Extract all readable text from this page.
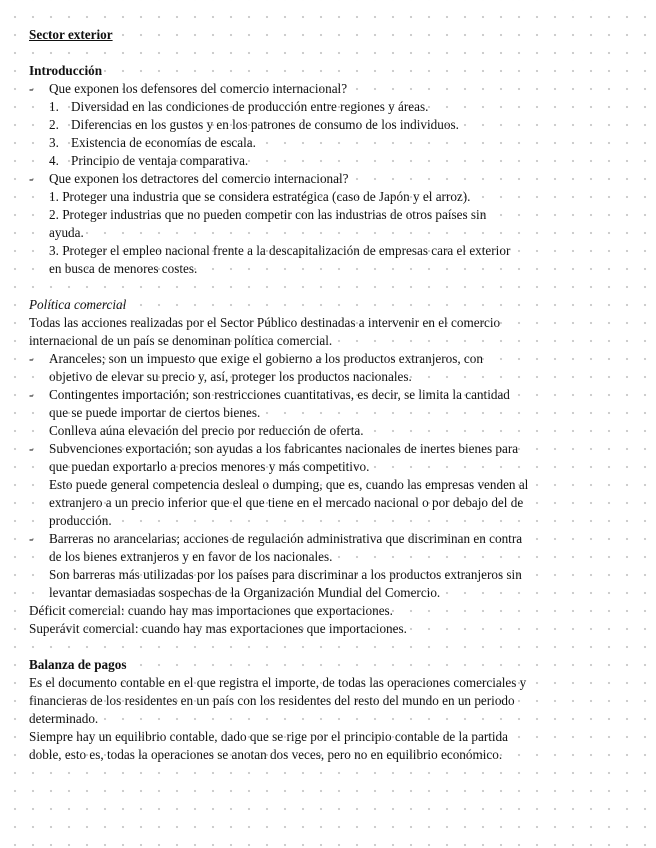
Sector exterior
Introducción
- Que exponen los defensores del comercio internacional?
1. Diversidad en las condiciones de producción entre regiones y áreas.
2. Diferencias en los gustos y en los patrones de consumo de los individuos.
3. Existencia de economías de escala.
4. Principio de ventaja comparativa.
- Que exponen los detractores del comercio internacional?
1. Proteger una industria que se considera estratégica (caso de Japón y el arroz).
2. Proteger industrias que no pueden competir con las industrias de otros países sin
ayuda.
3. Proteger el empleo nacional frente a la descapitalización de empresas cara el exterior
en busca de menores costes.
Política comercial
Todas las acciones realizadas por el Sector Público destinadas a intervenir en el comercio
internacional de un país se denominan política comercial.
- Aranceles; son un impuesto que exige el gobierno a los productos extranjeros, con
objetivo de elevar su precio y, así, proteger los productos nacionales.
- Contingentes importación; son restricciones cuantitativas, es decir, se limita la cantidad
que se puede importar de ciertos bienes.
Conlleva aúna elevación del precio por reducción de oferta.
- Subvenciones exportación; son ayudas a los fabricantes nacionales de inertes bienes para
que puedan exportarlo a precios menores y más competitivo.
Esto puede general competencia desleal o dumping, que es, cuando las empresas venden al
extranjero a un precio inferior que el que tiene en el mercado nacional o por debajo del de
producción.
- Barreras no arancelarias; acciones de regulación administrativa que discriminan en contra
de los bienes extranjeros y en favor de los nacionales.
Son barreras más utilizadas por los países para discriminar a los productos extranjeros sin
levantar demasiadas sospechas de la Organización Mundial del Comercio.
Déficit comercial: cuando hay mas importaciones que exportaciones.
Superávit comercial: cuando hay mas exportaciones que importaciones.
Balanza de pagos
Es el documento contable en el que registra el importe, de todas las operaciones comerciales y
financieras de los residentes en un país con los residentes del resto del mundo en un periodo
determinado.
Siempre hay un equilibrio contable, dado que se rige por el principio contable de la partida
doble, esto es, todas la operaciones se anotan dos veces, pero no en equilibrio económico.
